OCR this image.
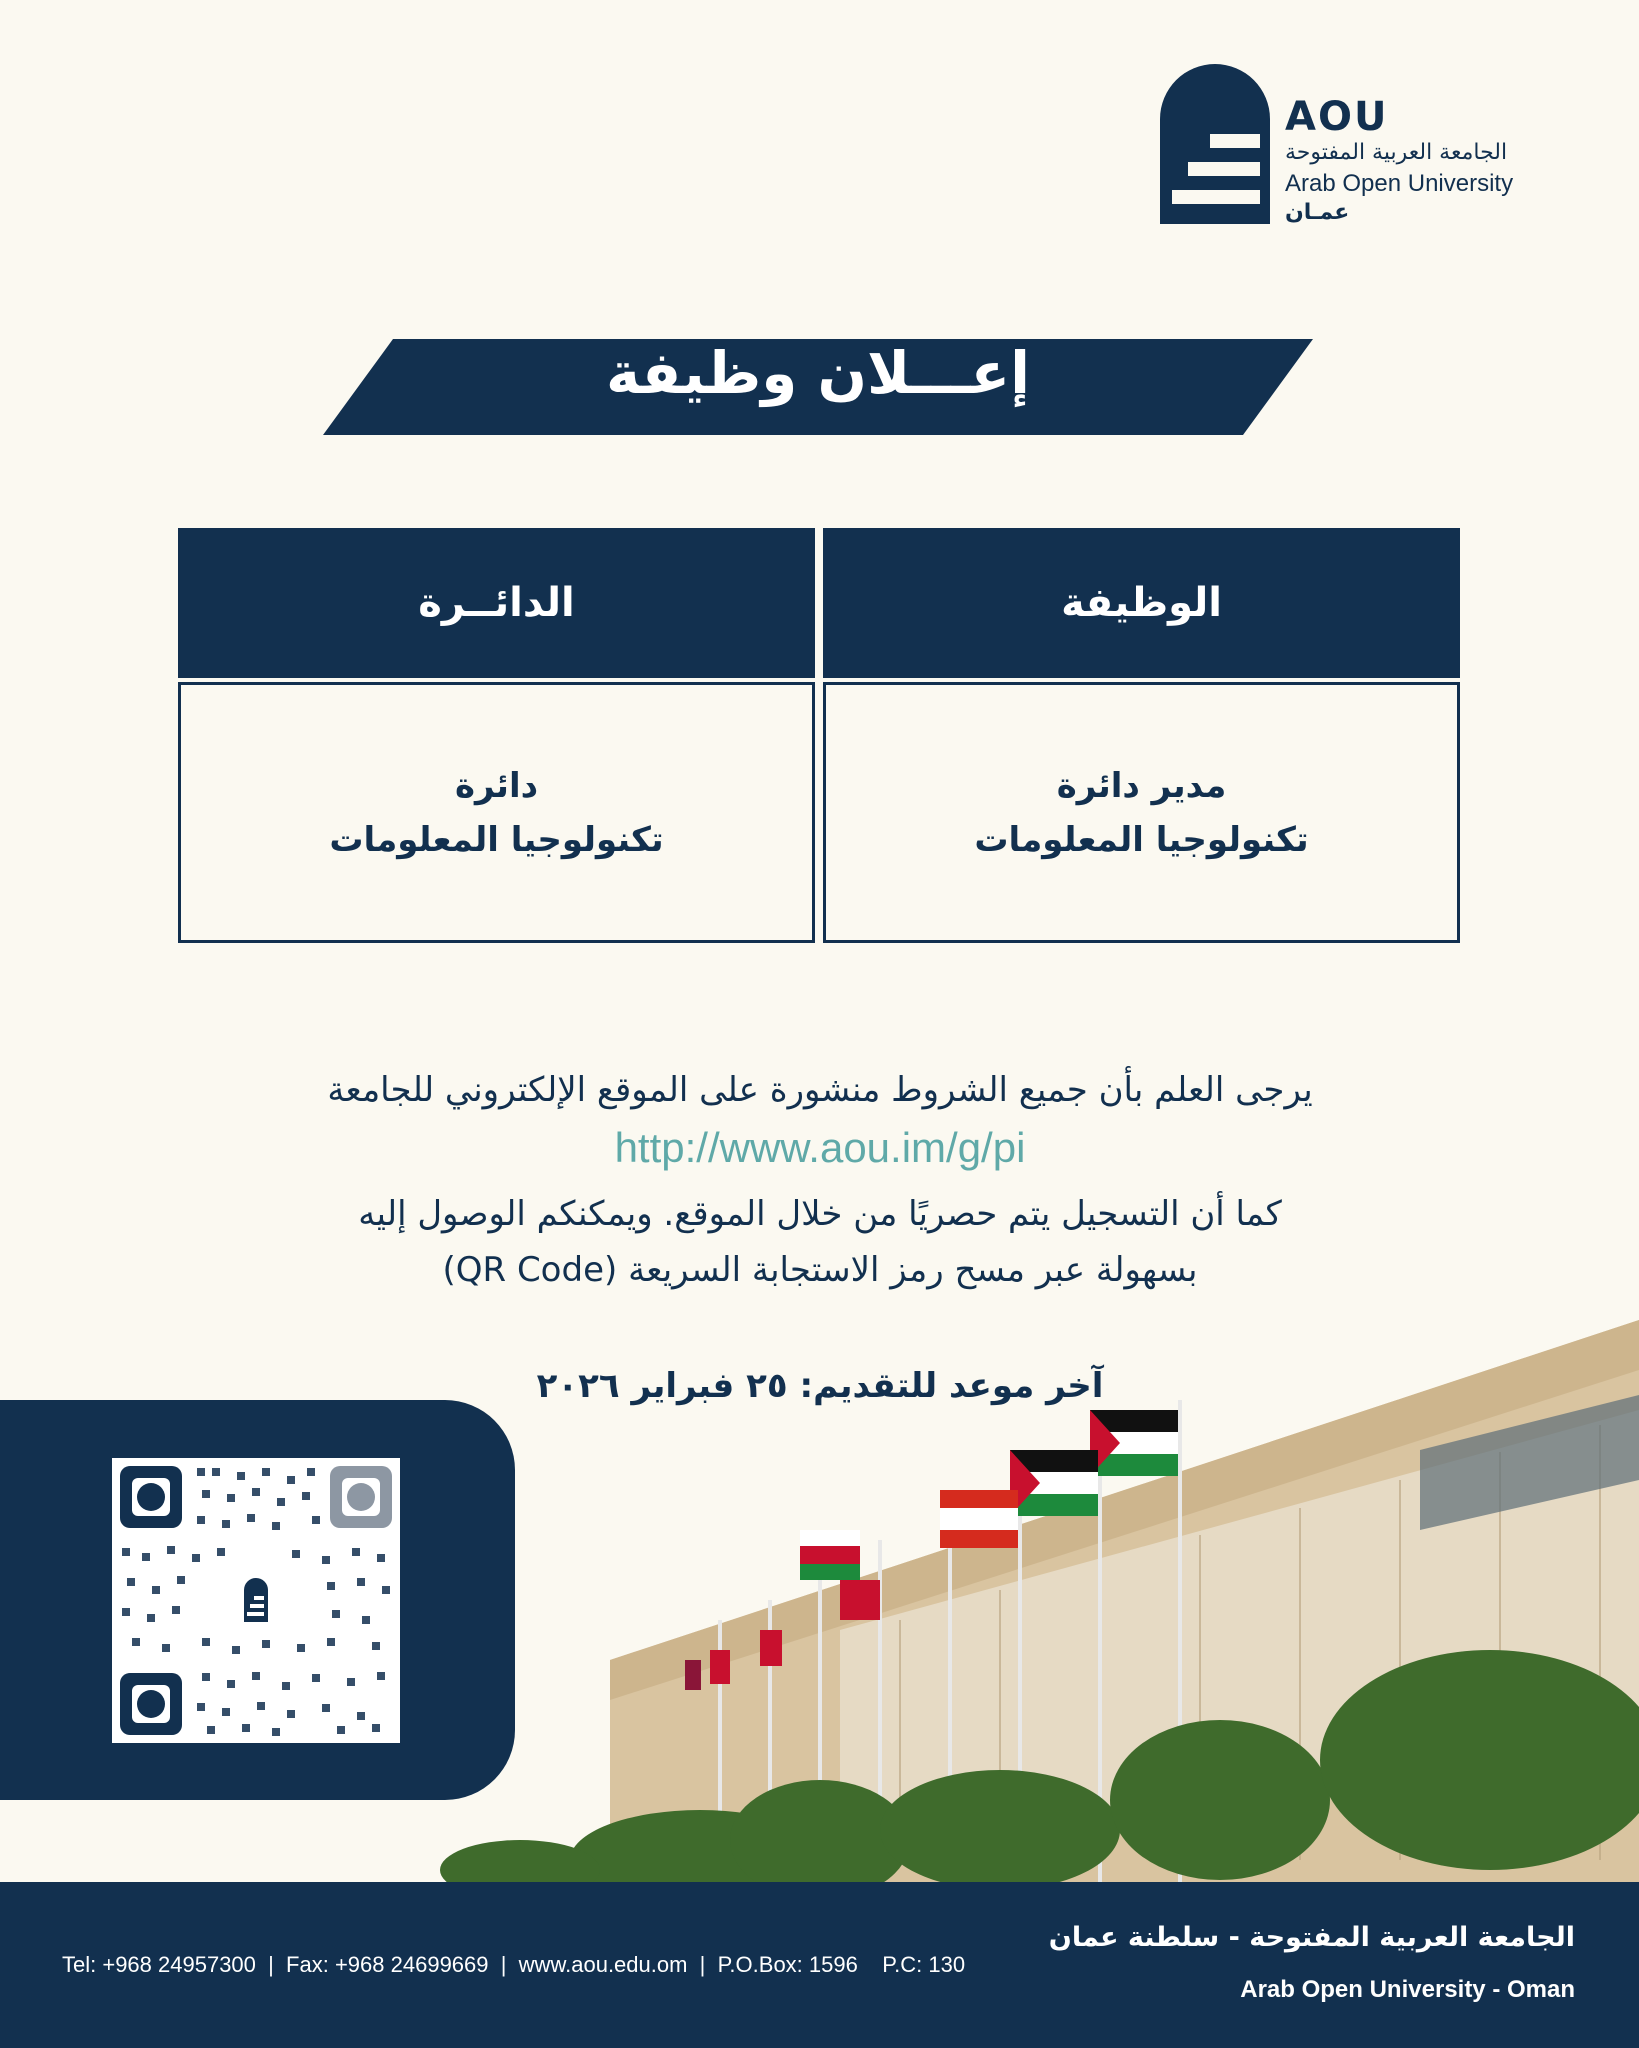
AOU
الجامعة العربية المفتوحة
Arab Open University
عمـان
إعـــلان وظيفة
الوظيفة
الدائــرة
مدير دائرة
تكنولوجيا المعلومات
دائرة
تكنولوجيا المعلومات
يرجى العلم بأن جميع الشروط منشورة على الموقع الإلكتروني للجامعة
http://www.aou.im/g/pi
كما أن التسجيل يتم حصريًا من خلال الموقع. ويمكنكم الوصول إليه
بسهولة عبر مسح رمز الاستجابة السريعة (QR Code)
آخر موعد للتقديم: ٢٥ فبراير ٢٠٢٦
Tel: +968 24957300  |  Fax: +968 24699669  |  www.aou.edu.om  |  P.O.Box: 1596    P.C: 130
الجامعة العربية المفتوحة - سلطنة عمان
Arab Open University - Oman
